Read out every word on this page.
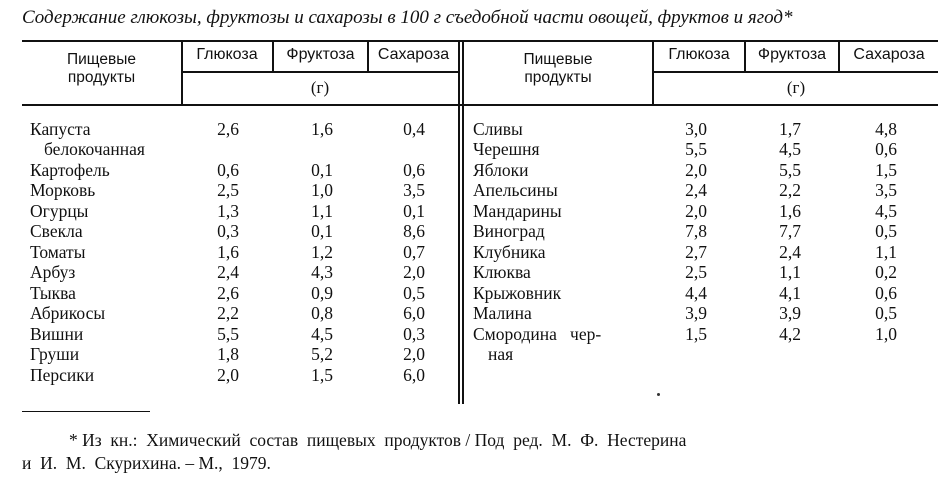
Содержание глюкозы, фруктозы и сахарозы в 100 г съедобной части овощей, фруктов и ягод*
Пищевые
продукты
Глюкоза	Фруктоза	Сахароза
(г)
Пищевые
продукты
Глюкоза	Фруктоза	Сахароза
(г)
Капуста	2,6	1,6	0,4
белокочанная
Картофель	0,6	0,1	0,6
Морковь	2,5	1,0	3,5
Огурцы	1,3	1,1	0,1
Свекла	0,3	0,1	8,6
Томаты	1,6	1,2	0,7
Арбуз	2,4	4,3	2,0
Тыква	2,6	0,9	0,5
Абрикосы	2,2	0,8	6,0
Вишни	5,5	4,5	0,3
Груши	1,8	5,2	2,0
Персики	2,0	1,5	6,0
Сливы	3,0	1,7	4,8
Черешня	5,5	4,5	0,6
Яблоки	2,0	5,5	1,5
Апельсины	2,4	2,2	3,5
Мандарины	2,0	1,6	4,5
Виноград	7,8	7,7	0,5
Клубника	2,7	2,4	1,1
Клюква	2,5	1,1	0,2
Крыжовник	4,4	4,1	0,6
Малина	3,9	3,9	0,5
Смородина   чер-	1,5	4,2	1,0
ная
* Из  кн.:  Химический  состав  пищевых  продуктов / Под  ред.  М.  Ф.  Нестерина
и  И.  М.  Скурихина. – М.,  1979.
